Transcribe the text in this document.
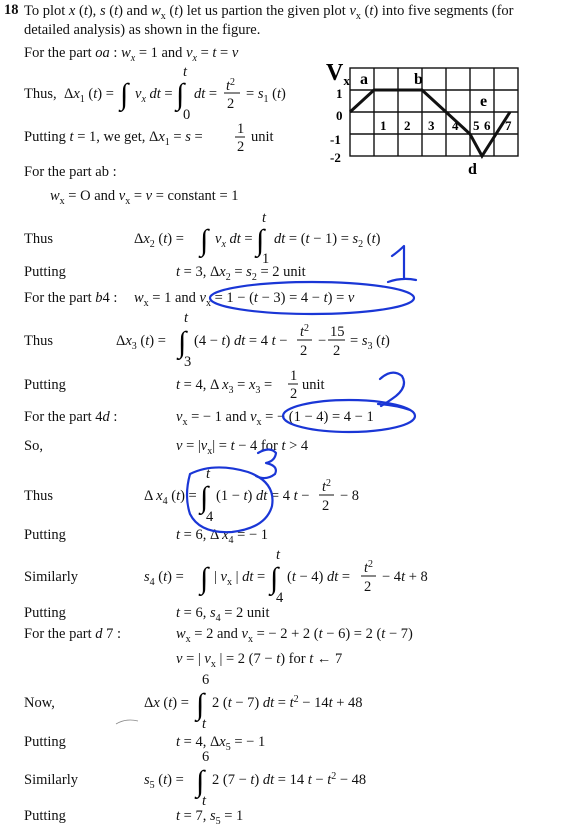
18 To plot x (t), s (t) and $w_x$ (t) let us partion the given plot $v_x$ (t) into five segments (for
detailed analysis) as shown in the figure.
For the part oa : $w_x = 1$ and $v_x = t = v$
Thus, $\Delta x_1$ (t) = ∫ $v_x$ dt = ∫
t
0
dt = $t^2$
2
= $s_1$ (t)
Putting t = 1, we get, $\Delta x_1 = s = 1$
2
unit
$V_x$
1
0
-1
-2
1 2 3 4 5 6 7
a	b
e
d
For the part ab :
$w_x = O$ and $v_x = v$ = constant = 1
Thus	$\Delta x_2$ (t) = ∫ $v_x$ dt = ∫
t
1
dt = $(t - 1) = s_2$ (t)
Putting	t = 3, $\Delta x_2 = s_2 = 2$ unit
For the part b4 : $w_x = 1$ and $v_x = 1 - (t - 3) = 4 - t) = v$
Thus	$\Delta x_3$ (t) = ∫
t
3
(4 − t) dt = 4 t −
$t^2$
2
−
15
2
= $s_3$ (t)
Putting	t = 4, Δ $x_3 = x_3$ =
1
2
unit
For the part 4d :	$v_x$ = − 1 and $v_x$ = − (1 − 4) = 4 − 1
So,	$v = |v_x| = t - 4$ for t > 4
Thus	Δ $x_4$ (t) = ∫
t
4
(1 − t) dt = 4 t −
$t^2$
2
− 8
Putting	t = 6, Δ $x_4$ = − 1
Similarly	$s_4$ (t) = ∫ | $v_x$ | dt = ∫
t
4
(t − 4) dt =
$t^2$
2
− 4t + 8
Putting	t = 6, $s_4 = 2$ unit
For the part d 7 :	$w_x = 2$ and $v_x$ = − 2 + 2 (t − 6) = 2 (t − 7)
v = | $v_x$ | = 2 (7 − t) for t ← 7
Now,	Δx (t) = ∫
6
t
2 (t − 7) dt = $t^2 - 14t + 48$
Putting	t = 4, $\Delta x_5$ = − 1
Similarly	$s_5$ (t) = ∫
6
t
2 (7 − t) dt = 14 $t - t^2 - 48$
Putting	t = 7, $s_5 = 1$
